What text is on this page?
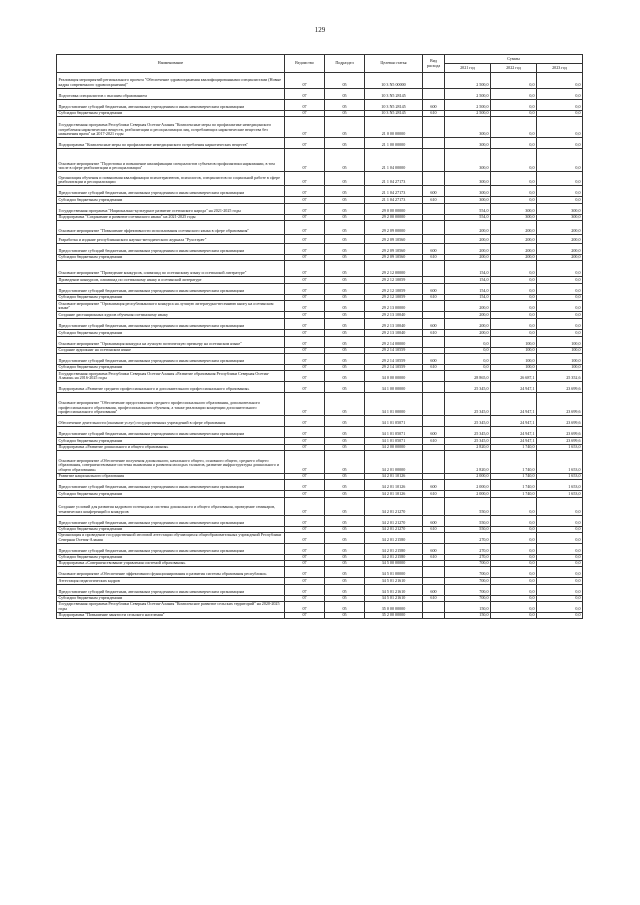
129
Наименование	Ведомство	Подраздел	Целевая статья	Вид расхода	Суммы		
					2021 год	2022 год	2023 год
Реализация мероприятий регионального проекта "Обеспечение здравоохранения квалифицированными специалистами (Новые кадры современного здравоохранения)"	07	05	10 3 N5 00000		2 500,0	0,0	0,0
Подготовка специалистов с высшим образованием	07	05	10 3 N5 28145		2 500,0	0,0	0,0
Предоставление субсидий бюджетным, автономным учреждениям и иным некоммерческим организациям	07	05	10 3 N5 28145	600	2 500,0	0,0	0,0
Субсидии бюджетным учреждениям	07	05	10 3 N5 28145	610	2 500,0	0,0	0,0
Государственная программа Республики Северная Осетия-Алания "Комплексные меры по профилактике немедицинского потребления наркотических веществ, реабилитации и ресоциализации лиц, потребляющих наркотические вещества без назначения врача" на 2017-2021 годы	07	05	21 0 00 00000		300,0	0,0	0,0
Подпрограмма "Комплексные меры по профилактике немедицинского потребления наркотических веществ"	07	05	21 1 00 00000		300,0	0,0	0,0
Основное мероприятие "Подготовка и повышение квалификации специалистов субъектов профилактики наркомании, в том числе в сфере реабилитации и ресоциализации"	07	05	21 1 04 00000		300,0	0,0	0,0
Организация обучения и повышения квалификации психотерапевтов, психологов, специалистов по социальной работе в сфере реабилитации и ресоциализации	07	05	21 1 04 27173		300,0	0,0	0,0
Предоставление субсидий бюджетным, автономным учреждениям и иным некоммерческим организациям	07	05	21 1 04 27173	600	300,0	0,0	0,0
Субсидии бюджетным учреждениям	07	05	21 1 04 27173	610	300,0	0,0	0,0
Государственная программа "Национально-культурное развитие осетинского народа" на 2021-2025 годы	07	05	29 0 00 00000		554,0	300,0	300,0
Подпрограмма "Сохранение и развитие осетинского языка" на 2021-2025 годы	07	05	29 2 00 00000		554,0	300,0	300,0
Основное мероприятие "Повышение эффективности использования осетинского языка в сфере образования"	07	05	29 2 09 00000		200,0	200,0	200,0
Разработка и издание республиканского научно-методического журнала "Рухстауæг"	07	05	29 2 09 10560		200,0	200,0	200,0
Предоставление субсидий бюджетным, автономным учреждениям и иным некоммерческим организациям	07	05	29 2 09 10560	600	200,0	200,0	200,0
Субсидии бюджетным учреждениям	07	05	29 2 09 10560	610	200,0	200,0	200,0
Основное мероприятие "Проведение конкурсов, олимпиад по осетинскому языку и осетинской литературе"	07	05	29 2 12 00000		154,0	0,0	0,0
Проведение конкурсов, олимпиад по осетинскому языку и осетинской литературе	07	05	29 2 12 10059		154,0	0,0	0,0
Предоставление субсидий бюджетным, автономным учреждениям и иным некоммерческим организациям	07	05	29 2 12 10059	600	154,0	0,0	0,0
Субсидии бюджетным учреждениям	07	05	29 2 12 10059	610	154,0	0,0	0,0
Основное мероприятие "Организация республиканского конкурса на лучшую литературно-весеннюю книгу на осетинском языке"	07	05	29 2 13 00000		200,0	0,0	0,0
Создание дистанционных курсов обучения осетинскому языку	07	05	29 2 13 10040		200,0	0,0	0,0
Предоставление субсидий бюджетным, автономным учреждениям и иным некоммерческим организациям	07	05	29 2 13 10040	600	200,0	0,0	0,0
Субсидии бюджетным учреждениям	07	05	29 2 13 10040	610	200,0	0,0	0,0
Основное мероприятие "Организация конкурса на лучшую поэтическую премьеру на осетинском языке"	07	05	29 2 14 00000		0,0	100,0	100,0
Создание аудиокниг на осетинском языке	07	05	29 2 14 10559		0,0	100,0	100,0
Предоставление субсидий бюджетным, автономным учреждениям и иным некоммерческим организациям	07	05	29 2 14 10559	600	0,0	100,0	100,0
Субсидии бюджетным учреждениям	07	05	29 2 14 10559	610	0,0	100,0	100,0
Государственная программа Республики Северная Осетия-Алания «Развитие образования Республики Северная Осетия-Алания» на 2016-2025 годы	07	05	34 0 00 00000		28 865,0	26 687,1	25 352,6
Подпрограмма «Развитие среднего профессионального и дополнительного профессионального образования»	07	05	34 1 00 00000		25 345,0	24 947,1	23 699,6
Основное мероприятие "Обеспечение предоставления среднего профессионального образования, дополнительного профессионального образования, профессионального обучения, а также реализации концепции дополнительного профессионального образования"	07	05	34 1 01 00000		25 345,0	24 947,1	23 699,6
Обеспечение деятельности (оказание услуг) государственных учреждений в сфере образования	07	05	34 1 01 05071		25 345,0	24 947,1	23 699,6
Предоставление субсидий бюджетным, автономным учреждениям и иным некоммерческим организациям	07	05	34 1 01 05071	600	25 345,0	24 947,1	23 699,6
Субсидии бюджетным учреждениям	07	05	34 1 01 05071	610	25 345,0	24 947,1	23 699,6
Подпрограмма «Развитие дошкольного и общего образования»	07	05	34 2 00 00000		2 820,0	1 740,0	1 653,0
Основное мероприятие «Обеспечение получения дошкольного, начального общего, основного общего, среднего общего образования, совершенствование системы выявления и развития молодых талантов, развитие инфраструктуры дошкольного и общего образования»	07	05	34 2 01 00000		2 820,0	1 740,0	1 653,0
Развитие национального образования	07	05	34 2 01 10126		2 000,0	1 740,0	1 653,0
Предоставление субсидий бюджетным, автономным учреждениям и иным некоммерческим организациям	07	05	34 2 01 10126	600	2 000,0	1 740,0	1 653,0
Субсидии бюджетным учреждениям	07	05	34 2 01 10126	610	2 000,0	1 740,0	1 653,0
Создание условий для развития кадрового потенциала системы дошкольного и общего образования, проведение семинаров, тематических конференций и конкурсов	07	05	34 2 01 21270		550,0	0,0	0,0
Предоставление субсидий бюджетным, автономным учреждениям и иным некоммерческим организациям	07	05	34 2 01 21270	600	550,0	0,0	0,0
Субсидии бюджетным учреждениям	07	05	34 2 01 21270	610	550,0	0,0	0,0
Организация и проведение государственной итоговой аттестации обучающихся общеобразовательных учреждений Республики Северная Осетия-Алания	07	05	34 2 01 21580		270,0	0,0	0,0
Предоставление субсидий бюджетным, автономным учреждениям и иным некоммерческим организациям	07	05	34 2 01 21580	600	270,0	0,0	0,0
Субсидии бюджетным учреждениям	07	05	34 2 01 21580	610	270,0	0,0	0,0
Подпрограмма «Совершенствование управления системой образования»	07	05	34 5 00 00000		700,0	0,0	0,0
Основное мероприятие «Обеспечение эффективного функционирования и развития системы образования республики»	07	05	34 5 01 00000		700,0	0,0	0,0
Аттестация педагогических кадров	07	05	34 5 01 21610		700,0	0,0	0,0
Предоставление субсидий бюджетным, автономным учреждениям и иным некоммерческим организациям	07	05	34 5 01 21610	600	700,0	0,0	0,0
Субсидии бюджетным учреждениям	07	05	34 5 01 21610	610	700,0	0,0	0,0
Государственная программа Республики Северная Осетия-Алания "Комплексное развитие сельских территорий" на 2020-2025 годы	07	05	35 0 00 00000		150,0	0,0	0,0
Подпрограмма "Повышение занятости сельского населения"	07	05	35 2 00 00000		150,0	0,0	0,0
